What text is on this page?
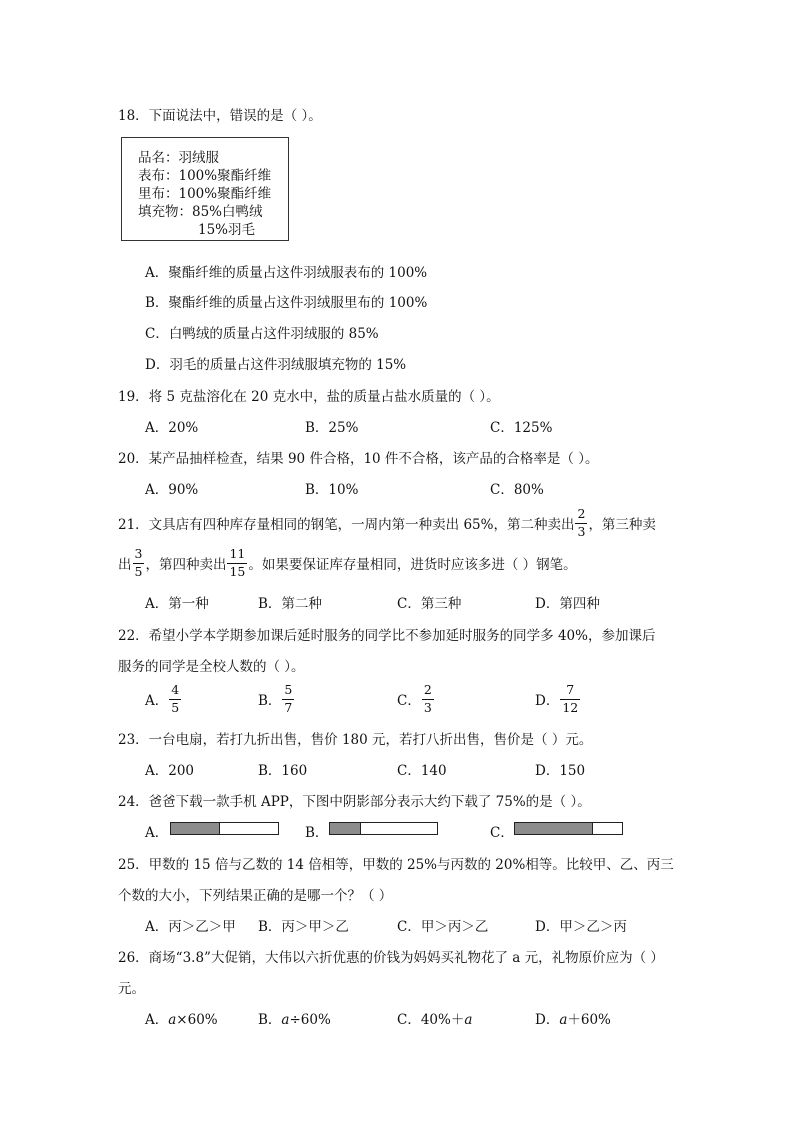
18．下面说法中，错误的是（ ）。
品名：羽绒服
表布：100%聚酯纤维
里布：100%聚酯纤维
填充物：85%白鸭绒
15%羽毛
A．聚酯纤维的质量占这件羽绒服表布的 100%
B．聚酯纤维的质量占这件羽绒服里布的 100%
C．白鸭绒的质量占这件羽绒服的 85%
D．羽毛的质量占这件羽绒服填充物的 15%
19．将 5 克盐溶化在 20 克水中，盐的质量占盐水质量的（ ）。
A．20%	B．25%	C．125%
20．某产品抽样检查，结果 90 件合格，10 件不合格，该产品的合格率是（ ）。
A．90%	B．10%	C．80%
21．文具店有四种库存量相同的钢笔，一周内第一种卖出 65%，第二种卖出 $\frac{2}{3}$ ，第三种卖
出 $\frac{3}{5}$ ，第四种卖出 $\frac{11}{15}$ 。如果要保证库存量相同，进货时应该多进（ ）钢笔。
A．第一种	B．第二种	C．第三种	D．第四种
22．希望小学本学期参加课后延时服务的同学比不参加延时服务的同学多 40%，参加课后
服务的同学是全校人数的（ ）。
A． $\frac{4}{5}$	B． $\frac{5}{7}$	C． $\frac{2}{3}$	D． $\frac{7}{12}$
23．一台电扇，若打九折出售，售价 180 元，若打八折出售，售价是（ ）元。
A．200	B．160	C．140	D．150
24．爸爸下载一款手机 APP，下图中阴影部分表示大约下载了 75%的是（ ）。
A．	B．	C．
25．甲数的 15 倍与乙数的 14 倍相等，甲数的 25%与丙数的 20%相等。比较甲、乙、丙三
个数的大小，下列结果正确的是哪一个？（ ）
A．丙＞乙＞甲 B．丙＞甲＞乙	C．甲＞丙＞乙	D．甲＞乙＞丙
26．商场“3.8”大促销，大伟以六折优惠的价钱为妈妈买礼物花了 a 元，礼物原价应为（ ）
元。
A．𝑎×60%	B．𝑎÷60%	C．40%＋𝑎	D．𝑎＋60%
